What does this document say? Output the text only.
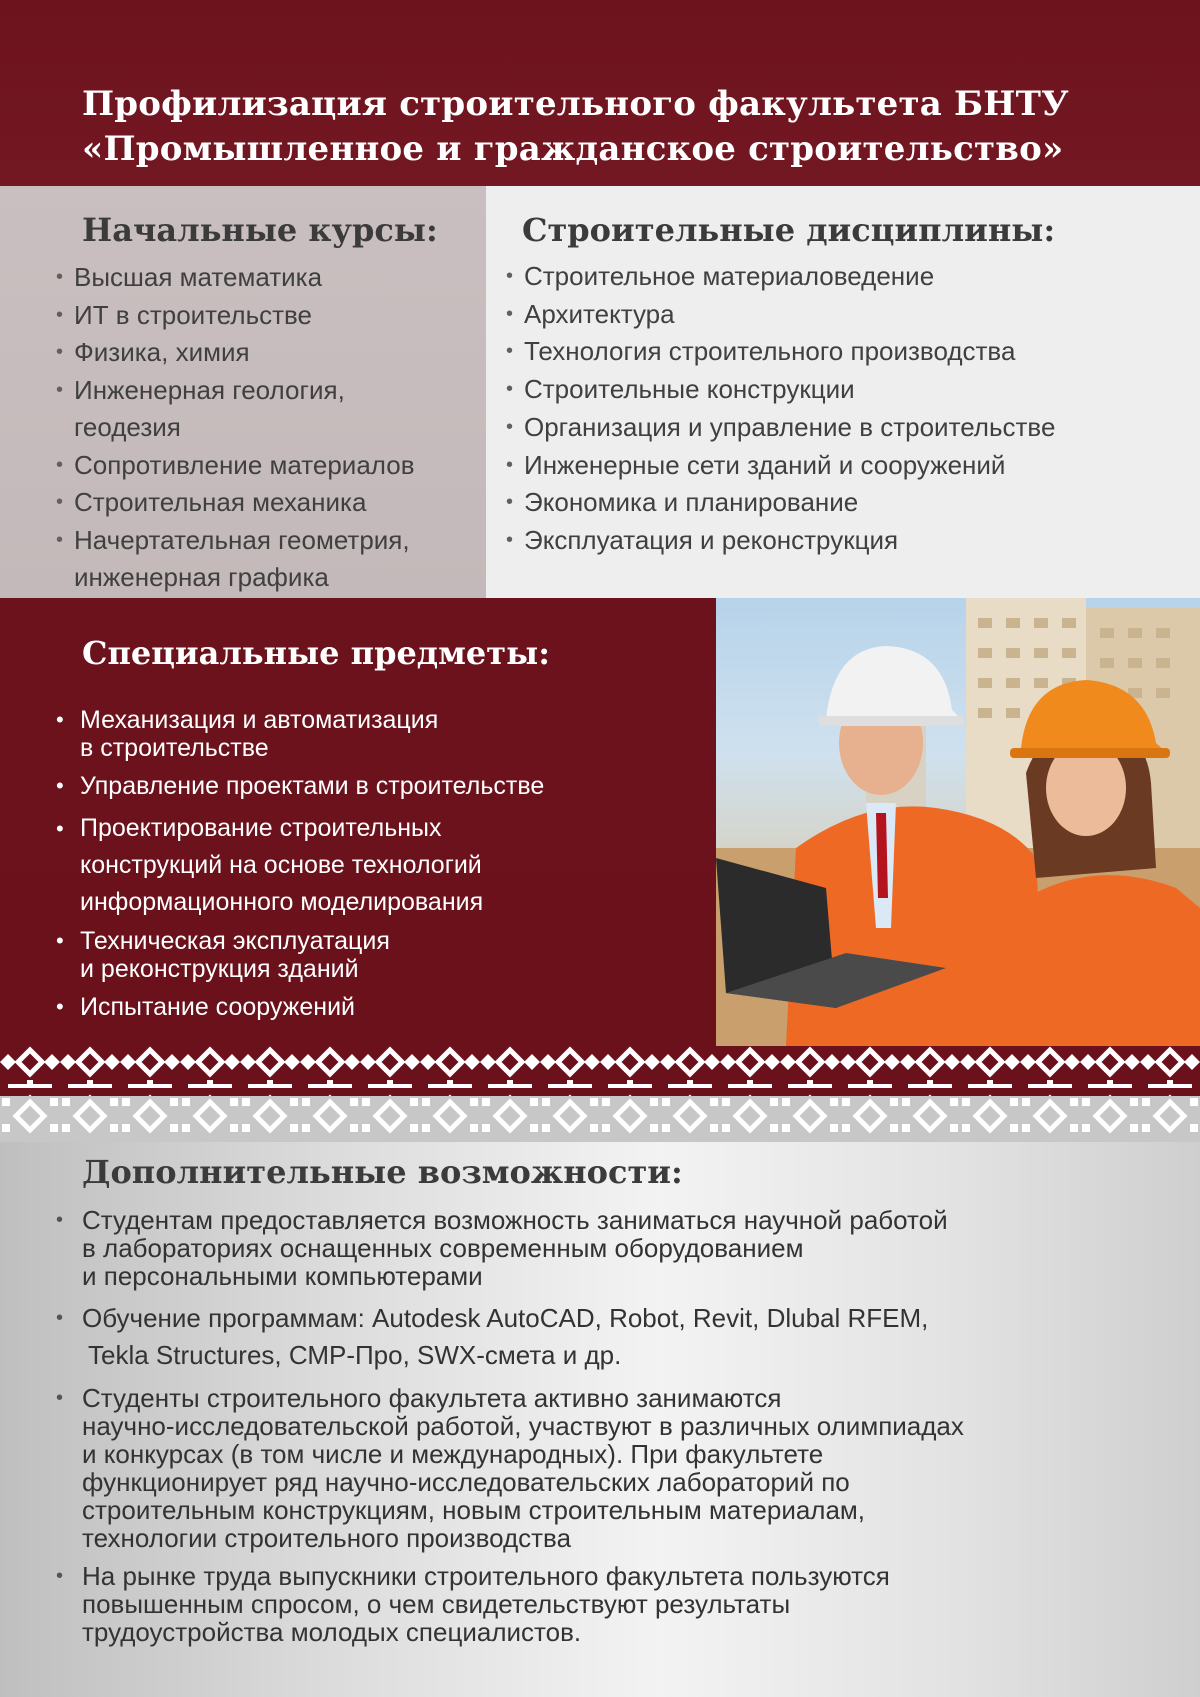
Профилизация строительного факультета БНТУ
«Промышленное и гражданское строительство»
Начальные курсы:
• Высшая математика
• ИТ в строительстве
• Физика, химия
• Инженерная геология,
геодезия
• Сопротивление материалов
• Строительная механика
• Начертательная геометрия,
инженерная графика
Строительные дисциплины:
• Строительное материаловедение
• Архитектура
• Технология строительного производства
• Строительные конструкции
• Организация и управление в строительстве
• Инженерные сети зданий и сооружений
• Экономика и планирование
• Эксплуатация и реконструкция
Специальные предметы:
• Механизация и автоматизация
в строительстве
• Управление проектами в строительстве
• Проектирование строительных
конструкций на основе технологий
информационного моделирования
• Техническая эксплуатация
и реконструкция зданий
• Испытание сооружений
Дополнительные возможности:
• Студентам предоставляется возможность заниматься научной работой
в лабораториях оснащенных современным оборудованием
и персональными компьютерами
• Обучение программам: Autodesk AutoCAD, Robot, Revit, Dlubal RFEM,
Tekla Structures, СМР-Про, SWX-смета и др.
• Студенты строительного факультета активно занимаются
научно-исследовательской работой, участвуют в различных олимпиадах
и конкурсах (в том числе и международных). При факультете
функционирует ряд научно-исследовательских лабораторий по
строительным конструкциям, новым строительным материалам,
технологии строительного производства
• На рынке труда выпускники строительного факультета пользуются
повышенным спросом, о чем свидетельствуют результаты
трудоустройства молодых специалистов.
